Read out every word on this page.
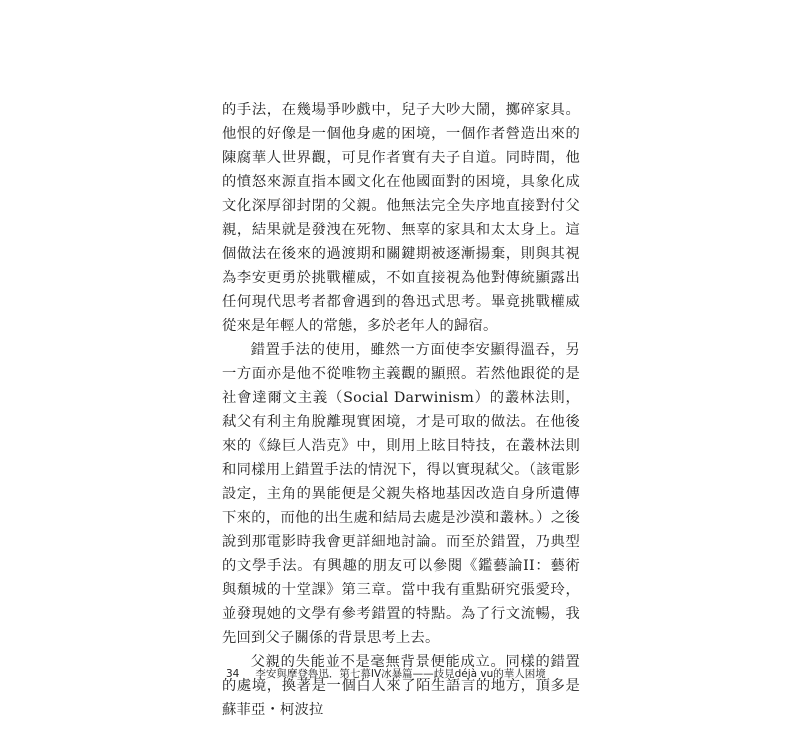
的手法，在幾場爭吵戲中，兒子大吵大鬧，擲碎家具。他恨的好像是一個他身處的困境，一個作者營造出來的陳腐華人世界觀，可見作者實有夫子自道。同時間，他的憤怒來源直指本國文化在他國面對的困境，具象化成文化深厚卻封閉的父親。他無法完全失序地直接對付父親，結果就是發洩在死物、無辜的家具和太太身上。這個做法在後來的過渡期和關鍵期被逐漸揚棄，則與其視為李安更勇於挑戰權威，不如直接視為他對傳統顯露出任何現代思考者都會遇到的魯迅式思考。畢竟挑戰權威從來是年輕人的常態，多於老年人的歸宿。

錯置手法的使用，雖然一方面使李安顯得溫吞，另一方面亦是他不從唯物主義觀的顯照。若然他跟從的是社會達爾文主義（Social Darwinism）的叢林法則，弒父有利主角脫離現實困境，才是可取的做法。在他後來的《綠巨人浩克》中，則用上眩目特技，在叢林法則和同樣用上錯置手法的情況下，得以實現弒父。（該電影設定，主角的異能便是父親失格地基因改造自身所遺傳下來的，而他的出生處和結局去處是沙漠和叢林。）之後說到那電影時我會更詳細地討論。而至於錯置，乃典型的文學手法。有興趣的朋友可以參閱《鑑藝論II：藝術與頹城的十堂課》第三章。當中我有重點研究張愛玲，並發現她的文學有參考錯置的特點。為了行文流暢，我先回到父子關係的背景思考上去。

父親的失能並不是毫無背景便能成立。同樣的錯置的處境，換著是一個白人來了陌生語言的地方，頂多是蘇菲亞・柯波拉

34 李安與摩登魯迅．第七幕IV冰暴篇——歧見déjà vu的華人困境
